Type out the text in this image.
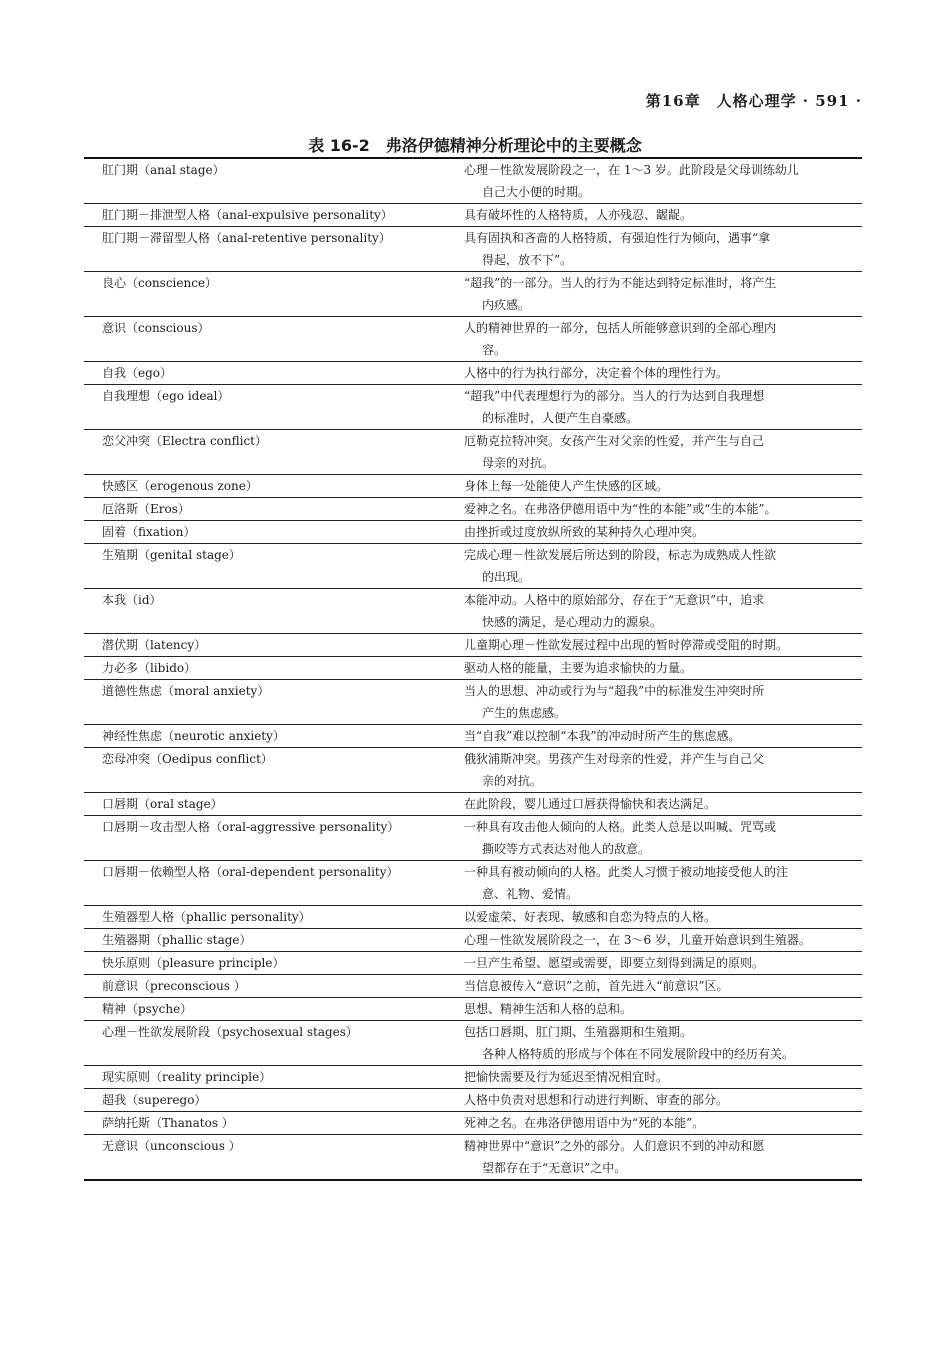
第16章　人格心理学 · 591 ·
表 16-2　弗洛伊德精神分析理论中的主要概念
肛门期（anal stage）	心理－性欲发展阶段之一，在 1～3 岁。此阶段是父母训练幼儿
自己大小便的时期。

肛门期－排泄型人格（anal-expulsive personality）	具有破坏性的人格特质，人亦残忍、龌龊。

肛门期－滞留型人格（anal-retentive personality）	具有固执和吝啬的人格特质，有强迫性行为倾向，遇事“拿
得起，放不下”。

良心（conscience）	“超我”的一部分。当人的行为不能达到特定标准时，将产生
内疚感。

意识（conscious）	人的精神世界的一部分，包括人所能够意识到的全部心理内
容。

自我（ego）	人格中的行为执行部分，决定着个体的理性行为。

自我理想（ego ideal）	“超我”中代表理想行为的部分。当人的行为达到自我理想
的标准时，人便产生自豪感。

恋父冲突（Electra conflict）	厄勒克拉特冲突。女孩产生对父亲的性爱，并产生与自己
母亲的对抗。

快感区（erogenous zone）	身体上每一处能使人产生快感的区域。

厄洛斯（Eros）	爱神之名。在弗洛伊德用语中为“性的本能”或“生的本能”。

固着（fixation）	由挫折或过度放纵所致的某种持久心理冲突。

生殖期（genital stage）	完成心理－性欲发展后所达到的阶段，标志为成熟成人性欲
的出现。

本我（id）	本能冲动。人格中的原始部分，存在于“无意识”中，追求
快感的满足，是心理动力的源泉。

潜伏期（latency）	儿童期心理－性欲发展过程中出现的暂时停滞或受阻的时期。

力必多（libido）	驱动人格的能量，主要为追求愉快的力量。

道德性焦虑（moral anxiety）	当人的思想、冲动或行为与“超我”中的标准发生冲突时所
产生的焦虑感。

神经性焦虑（neurotic anxiety）	当“自我”难以控制“本我”的冲动时所产生的焦虑感。

恋母冲突（Oedipus conflict）	俄狄浦斯冲突。男孩产生对母亲的性爱，并产生与自己父
亲的对抗。

口唇期（oral stage）	在此阶段，婴儿通过口唇获得愉快和表达满足。

口唇期－攻击型人格（oral-aggressive personality）	一种具有攻击他人倾向的人格。此类人总是以叫喊、咒骂或
撕咬等方式表达对他人的敌意。

口唇期－依赖型人格（oral-dependent personality）	一种具有被动倾向的人格。此类人习惯于被动地接受他人的注
意、礼物、爱情。

生殖器型人格（phallic personality）	以爱虚荣、好表现、敏感和自恋为特点的人格。

生殖器期（phallic stage）	心理－性欲发展阶段之一，在 3～6 岁，儿童开始意识到生殖器。

快乐原则（pleasure principle）	一旦产生希望、愿望或需要，即要立刻得到满足的原则。

前意识（preconscious ）	当信息被传入“意识”之前，首先进入“前意识”区。

精神（psyche）	思想、精神生活和人格的总和。

心理－性欲发展阶段（psychosexual stages）	包括口唇期、肛门期、生殖器期和生殖期。
各种人格特质的形成与个体在不同发展阶段中的经历有关。

现实原则（reality principle）	把愉快需要及行为延迟至情况相宜时。

超我（superego）	人格中负责对思想和行动进行判断、审查的部分。

萨纳托斯（Thanatos ）	死神之名。在弗洛伊德用语中为“死的本能”。

无意识（unconscious ）	精神世界中“意识”之外的部分。人们意识不到的冲动和愿
望都存在于“无意识”之中。
